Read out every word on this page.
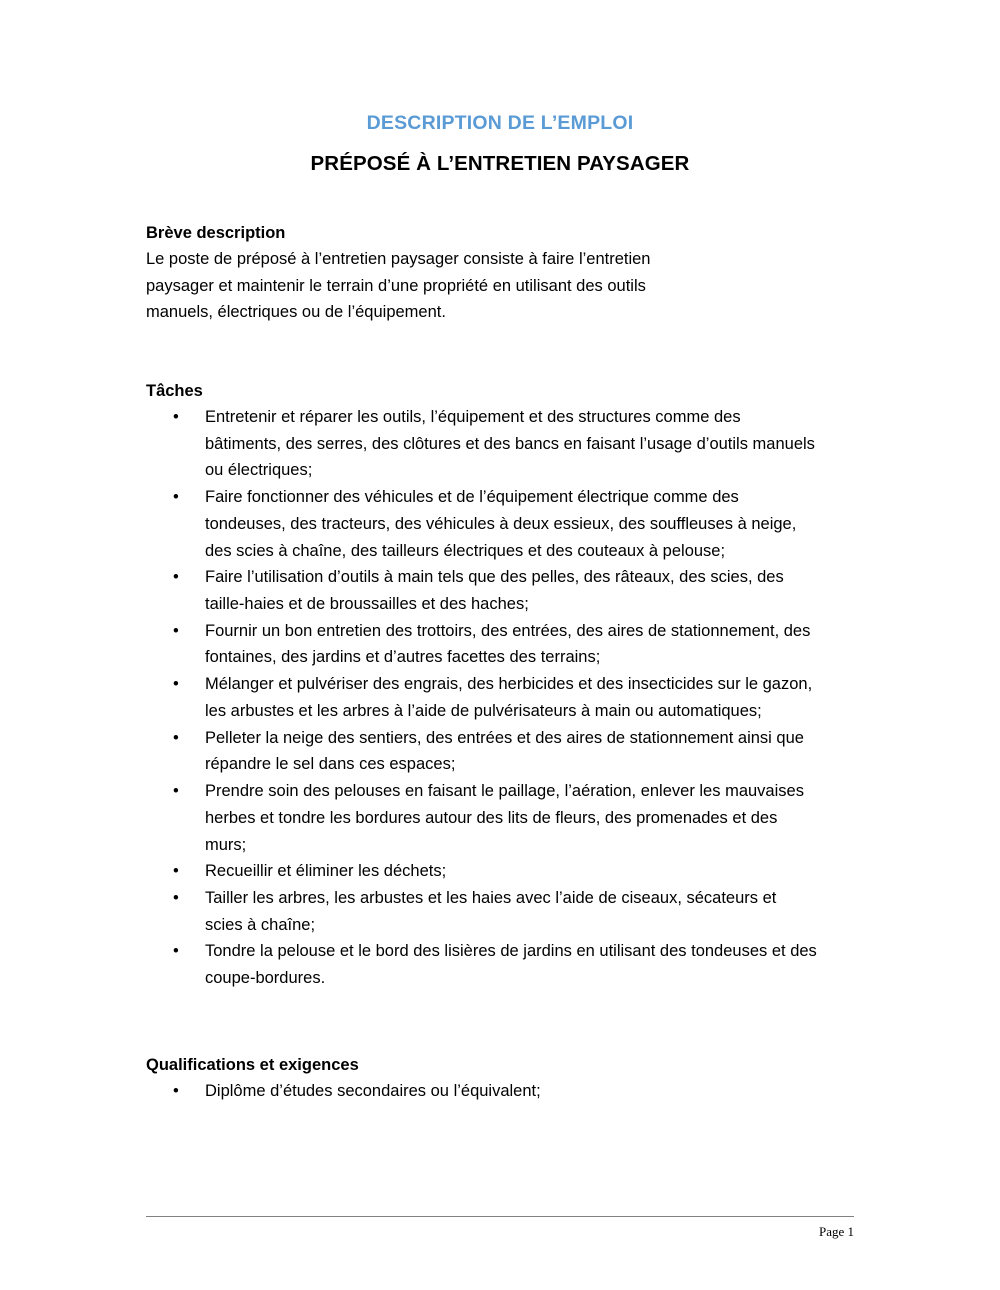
DESCRIPTION DE L’EMPLOI
PRÉPOSÉ À L’ENTRETIEN PAYSAGER
Brève description
Le poste de préposé à l’entretien paysager consiste à faire l’entretien paysager et maintenir le terrain d’une propriété en utilisant des outils manuels, électriques ou de l’équipement.
Tâches
• Entretenir et réparer les outils, l’équipement et des structures comme des bâtiments, des serres, des clôtures et des bancs en faisant l’usage d’outils manuels ou électriques;
• Faire fonctionner des véhicules et de l’équipement électrique comme des tondeuses, des tracteurs, des véhicules à deux essieux, des souffleuses à neige, des scies à chaîne, des tailleurs électriques et des couteaux à pelouse;
• Faire l’utilisation d’outils à main tels que des pelles, des râteaux, des scies, des taille-haies et de broussailles et des haches;
• Fournir un bon entretien des trottoirs, des entrées, des aires de stationnement, des fontaines, des jardins et d’autres facettes des terrains;
• Mélanger et pulvériser des engrais, des herbicides et des insecticides sur le gazon, les arbustes et les arbres à l’aide de pulvérisateurs à main ou automatiques;
• Pelleter la neige des sentiers, des entrées et des aires de stationnement ainsi que répandre le sel dans ces espaces;
• Prendre soin des pelouses en faisant le paillage, l’aération, enlever les mauvaises herbes et tondre les bordures autour des lits de fleurs, des promenades et des murs;
• Recueillir et éliminer les déchets;
• Tailler les arbres, les arbustes et les haies avec l’aide de ciseaux, sécateurs et scies à chaîne;
• Tondre la pelouse et le bord des lisières de jardins en utilisant des tondeuses et des coupe-bordures.
Qualifications et exigences
• Diplôme d’études secondaires ou l’équivalent;
Page 1
